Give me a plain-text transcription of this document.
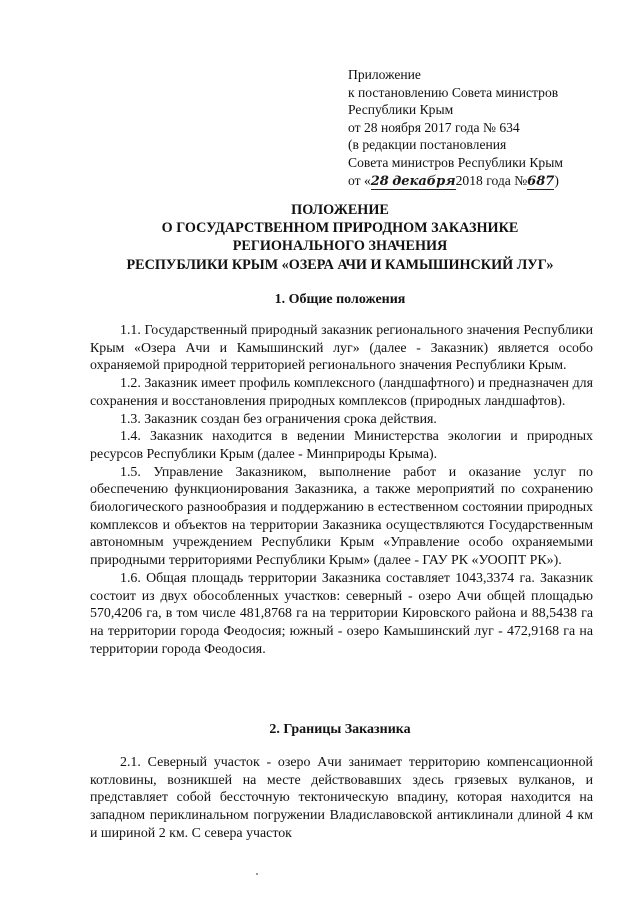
Приложение
к постановлению Совета министров
Республики Крым
от 28 ноября 2017 года № 634
(в редакции постановления
Совета министров Республики Крым
от «28 декабря2018 года №687)
ПОЛОЖЕНИЕ
О ГОСУДАРСТВЕННОМ ПРИРОДНОМ ЗАКАЗНИКЕ
РЕГИОНАЛЬНОГО ЗНАЧЕНИЯ
РЕСПУБЛИКИ КРЫМ «ОЗЕРА АЧИ И КАМЫШИНСКИЙ ЛУГ»
1. Общие положения

1.1. Государственный природный заказник регионального значения Республики Крым «Озера Ачи и Камышинский луг» (далее - Заказник) является особо охраняемой природной территорией регионального значения Республики Крым.

1.2. Заказник имеет профиль комплексного (ландшафтного) и предназначен для сохранения и восстановления природных комплексов (природных ландшафтов).

1.3. Заказник создан без ограничения срока действия.

1.4. Заказник находится в ведении Министерства экологии и природных ресурсов Республики Крым (далее - Минприроды Крыма).

1.5. Управление Заказником, выполнение работ и оказание услуг по обеспечению функционирования Заказника, а также мероприятий по сохранению биологического разнообразия и поддержанию в естественном состоянии природных комплексов и объектов на территории Заказника осуществляются Государственным автономным учреждением Республики Крым «Управление особо охраняемыми природными территориями Республики Крым» (далее - ГАУ РК «УООПТ РК»).

1.6. Общая площадь территории Заказника составляет 1043,3374 га. Заказник состоит из двух обособленных участков: северный - озеро Ачи общей площадью 570,4206 га, в том числе 481,8768 га на территории Кировского района и 88,5438 га на территории города Феодосия; южный - озеро Камышинский луг - 472,9168 га на территории города Феодосия.

2. Границы Заказника

2.1. Северный участок - озеро Ачи занимает территорию компенсационной котловины, возникшей на месте действовавших здесь грязевых вулканов, и представляет собой бессточную тектоническую впадину, которая находится на западном периклинальном погружении Владиславовской антиклинали длиной 4 км и шириной 2 км. С севера участок
